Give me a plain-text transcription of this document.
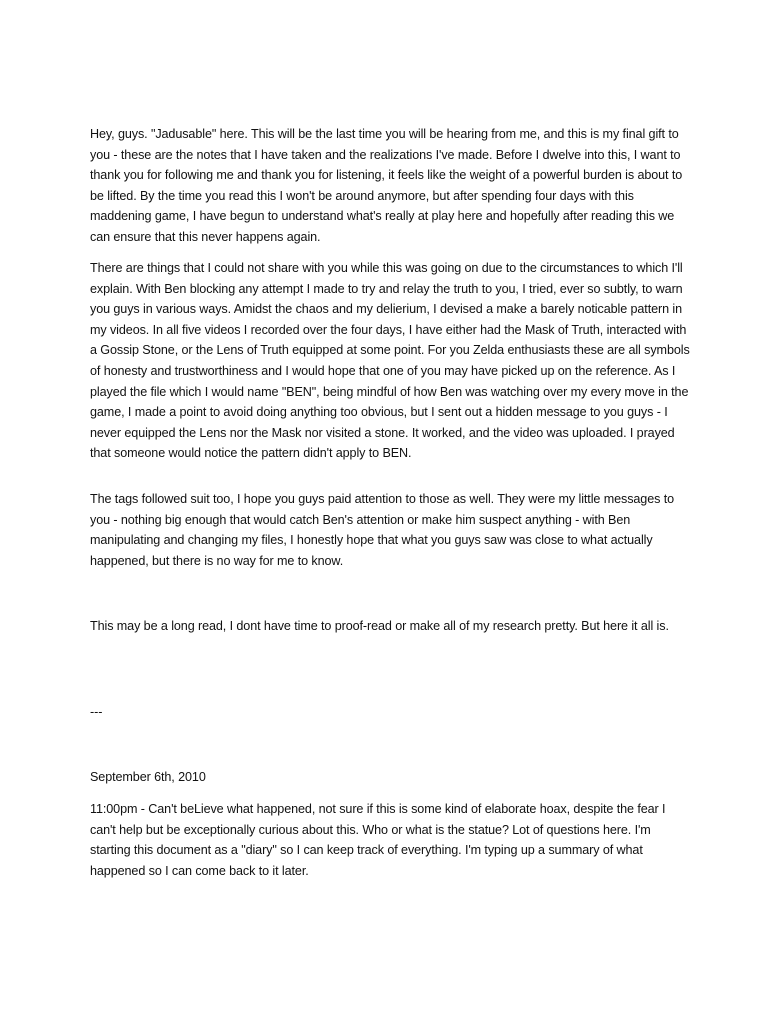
Hey, guys. "Jadusable" here. This will be the last time you will be hearing from me, and this is my final gift to you - these are the notes that I have taken and the realizations I've made. Before I dwelve into this, I want to thank you for following me and thank you for listening, it feels like the weight of a powerful burden is about to be lifted. By the time you read this I won't be around anymore, but after spending four days with this maddening game, I have begun to understand what's really at play here and hopefully after reading this we can ensure that this never happens again.

There are things that I could not share with you while this was going on due to the circumstances to which I'll explain. With Ben blocking any attempt I made to try and relay the truth to you, I tried, ever so subtly, to warn you guys in various ways. Amidst the chaos and my delierium, I devised a make a barely noticable pattern in my videos. In all five videos I recorded over the four days, I have either had the Mask of Truth, interacted with a Gossip Stone, or the Lens of Truth equipped at some point. For you Zelda enthusiasts these are all symbols of honesty and trustworthiness and I would hope that one of you may have picked up on the reference. As I played the file which I would name "BEN", being mindful of how Ben was watching over my every move in the game, I made a point to avoid doing anything too obvious, but I sent out a hidden message to you guys - I never equipped the Lens nor the Mask nor visited a stone. It worked, and the video was uploaded. I prayed that someone would notice the pattern didn't apply to BEN.

The tags followed suit too, I hope you guys paid attention to those as well. They were my little messages to you - nothing big enough that would catch Ben's attention or make him suspect anything - with Ben manipulating and changing my files, I honestly hope that what you guys saw was close to what actually happened, but there is no way for me to know.

This may be a long read, I dont have time to proof-read or make all of my research pretty. But here it all is.

---

September 6th, 2010

11:00pm - Can't beLieve what happened, not sure if this is some kind of elaborate hoax, despite the fear I can't help but be exceptionally curious about this. Who or what is the statue? Lot of questions here. I'm starting this document as a "diary" so I can keep track of everything. I'm typing up a summary of what happened so I can come back to it later.
